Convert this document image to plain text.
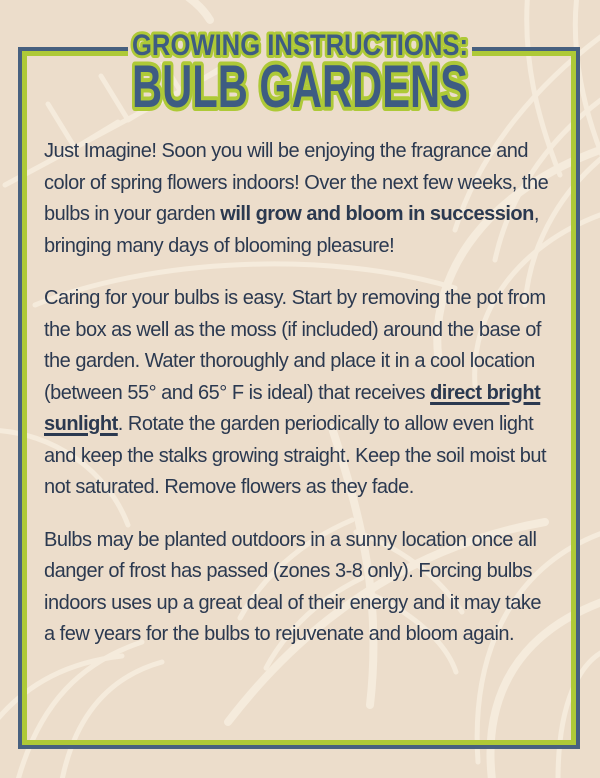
GROWING INSTRUCTIONS:
BULB GARDENS

Just Imagine! Soon you will be enjoying the fragrance and color of spring flowers indoors! Over the next few weeks, the bulbs in your garden will grow and bloom in succession, bringing many days of blooming pleasure!

Caring for your bulbs is easy. Start by removing the pot from the box as well as the moss (if included) around the base of the garden. Water thoroughly and place it in a cool location (between 55° and 65° F is ideal) that receives direct bright sunlight. Rotate the garden periodically to allow even light and keep the stalks growing straight. Keep the soil moist but not saturated. Remove flowers as they fade.

Bulbs may be planted outdoors in a sunny location once all danger of frost has passed (zones 3-8 only). Forcing bulbs indoors uses up a great deal of their energy and it may take a few years for the bulbs to rejuvenate and bloom again.
